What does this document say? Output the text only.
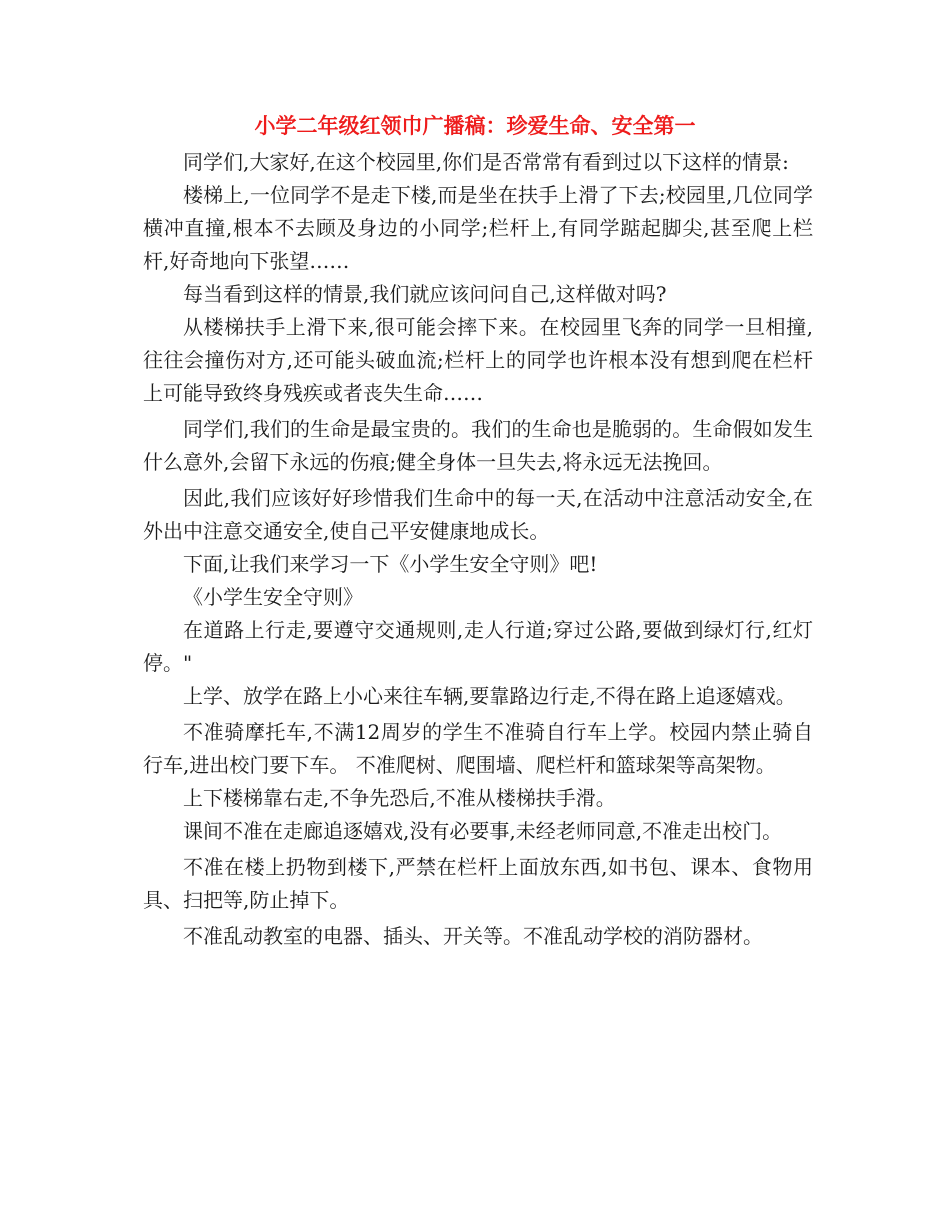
小学二年级红领巾广播稿：珍爱生命、安全第一

同学们,大家好,在这个校园里,你们是否常常有看到过以下这样的情景:

楼梯上,一位同学不是走下楼,而是坐在扶手上滑了下去;校园里,几位同学横冲直撞,根本不去顾及身边的小同学;栏杆上,有同学踮起脚尖,甚至爬上栏杆,好奇地向下张望……

每当看到这样的情景,我们就应该问问自己,这样做对吗?

从楼梯扶手上滑下来,很可能会摔下来。在校园里飞奔的同学一旦相撞,往往会撞伤对方,还可能头破血流;栏杆上的同学也许根本没有想到爬在栏杆上可能导致终身残疾或者丧失生命……

同学们,我们的生命是最宝贵的。我们的生命也是脆弱的。生命假如发生什么意外,会留下永远的伤痕;健全身体一旦失去,将永远无法挽回。

因此,我们应该好好珍惜我们生命中的每一天,在活动中注意活动安全,在外出中注意交通安全,使自己平安健康地成长。

下面,让我们来学习一下《小学生安全守则》吧!

《小学生安全守则》

在道路上行走,要遵守交通规则,走人行道;穿过公路,要做到绿灯行,红灯停。"

上学、放学在路上小心来往车辆,要靠路边行走,不得在路上追逐嬉戏。

不准骑摩托车,不满12周岁的学生不准骑自行车上学。校园内禁止骑自行车,进出校门要下车。 不准爬树、爬围墙、爬栏杆和篮球架等高架物。

上下楼梯靠右走,不争先恐后,不准从楼梯扶手滑。

课间不准在走廊追逐嬉戏,没有必要事,未经老师同意,不准走出校门。

不准在楼上扔物到楼下,严禁在栏杆上面放东西,如书包、课本、食物用具、扫把等,防止掉下。

不准乱动教室的电器、插头、开关等。不准乱动学校的消防器材。
